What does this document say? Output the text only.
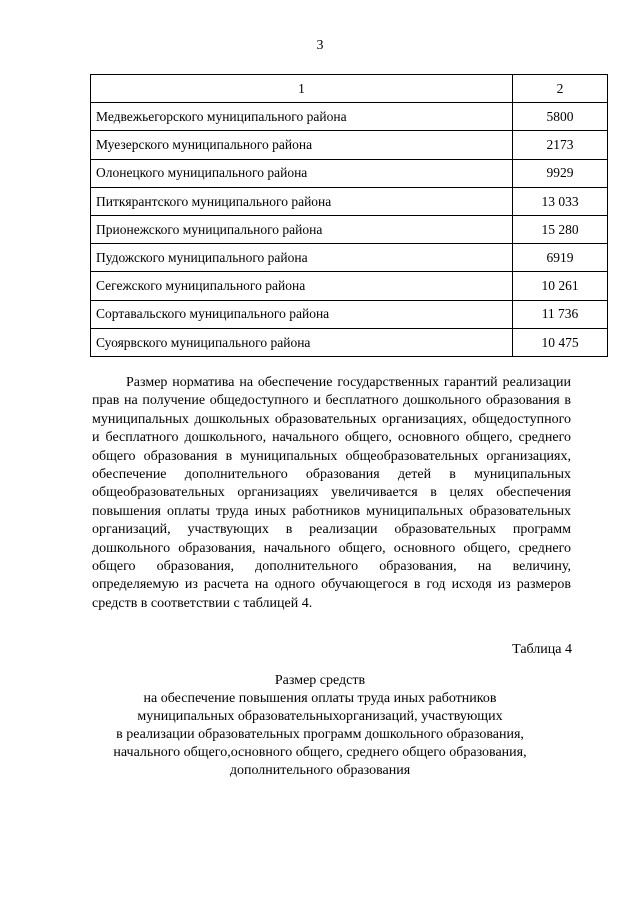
3
1	2
Медвежьегорского муниципального района	5800
Муезерского муниципального района	2173
Олонецкого муниципального района	9929
Питкярантского муниципального района	13 033
Прионежского муниципального района	15 280
Пудожского муниципального района	6919
Сегежского муниципального района	10 261
Сортавальского муниципального района	11 736
Суоярвского муниципального района	10 475

Размер норматива на обеспечение государственных гарантий реализации прав на получение общедоступного и бесплатного дошкольного образования в муниципальных дошкольных образовательных организациях, общедоступного и бесплатного дошкольного, начального общего, основного общего, среднего общего образования в муниципальных общеобразовательных организациях, обеспечение дополнительного образования детей в муниципальных общеобразовательных организациях увеличивается в целях обеспечения повышения оплаты труда иных работников муниципальных образовательных организаций, участвующих в реализации образовательных программ дошкольного образования, начального общего, основного общего, среднего общего образования, дополнительного образования, на величину, определяемую из расчета на одного обучающегося в год исходя из размеров средств в соответствии с таблицей 4.

Таблица 4
Размер средств
на обеспечение повышения оплаты труда иных работников
муниципальных образовательныхорганизаций, участвующих
в реализации образовательных программ дошкольного образования,
начального общего,основного общего, среднего общего образования,
дополнительного образования
